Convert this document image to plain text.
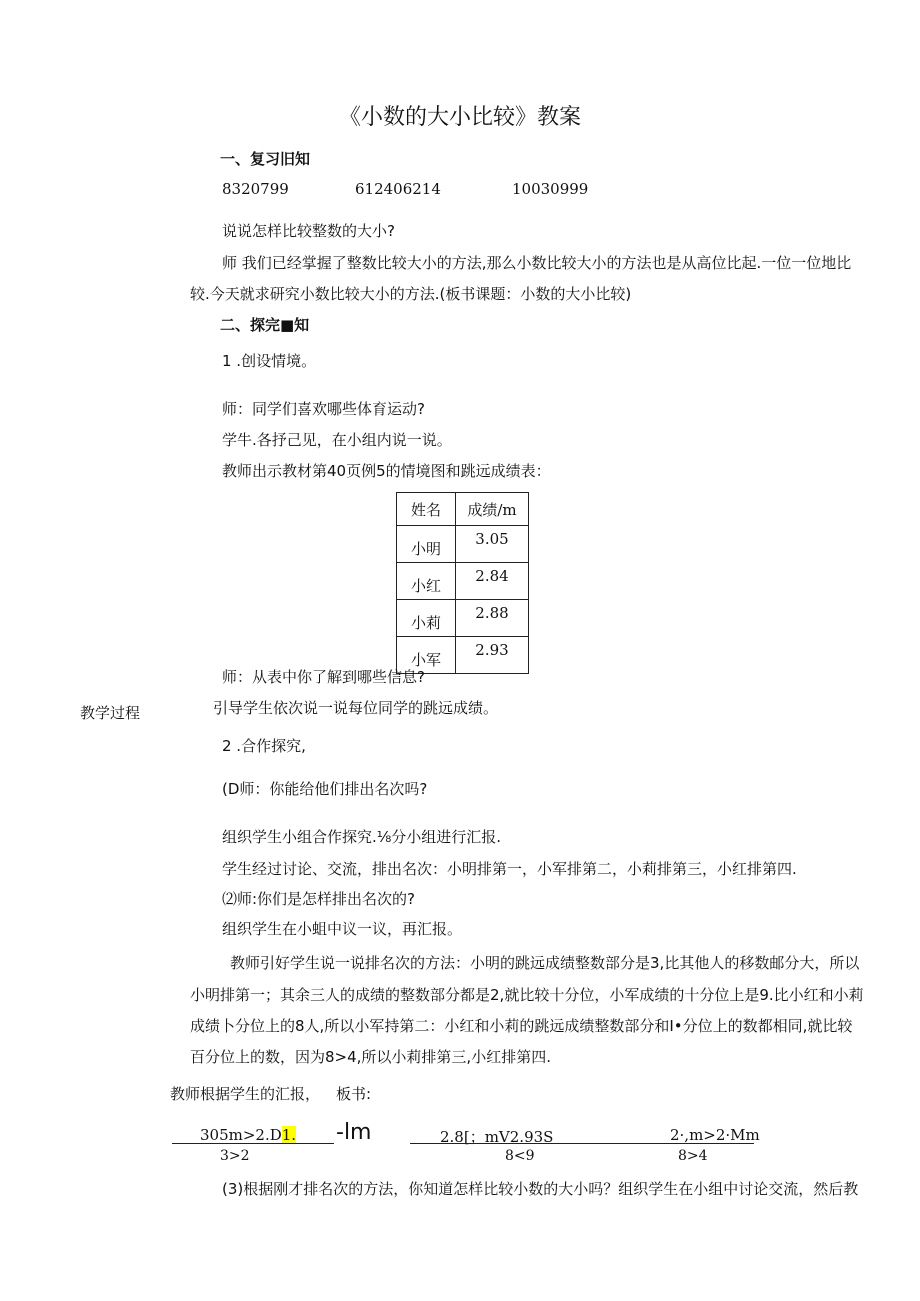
《小数的大小比较》教案
一、复习旧知
8320799	612406214	10030999
说说怎样比较整数的大小?
师 我们已经掌握了整数比较大小的方法,那么小数比较大小的方法也是从高位比起.一位一位地比
较.今天就求研究小数比较大小的方法.(板书课题：小数的大小比较)
二、探完■知
1 .创设情境。
师：同学们喜欢哪些体育运动?
学牛.各抒己见，在小组内说一说。
教师出示教材第40页例5的情境图和跳远成绩表：
姓名	成绩/m
小明	3.05
小红	2.84
小莉	2.88
小军	2.93
师：从表中你了解到哪些信息?
教学过程	引导学生依次说一说每位同学的跳远成绩。
2 .合作探究,
(D师：你能给他们排出名次吗?
组织学生小组合作探究.⅛分小组进行汇报.
学生经过讨论、交流，排出名次：小明排第一，小军排第二，小莉排第三，小红排第四.
⑵师:你们是怎样排出名次的?
组织学生在小蛆中议一议，再汇报。
教师引好学生说一说排名次的方法：小明的跳远成绩整数部分是3,比其他人的移数邮分大，所以
小明排第一；其余三人的成绩的整数部分都是2,就比较十分位，小军成绩的十分位上是9.比小红和小莉
成绩卜分位上的8人,所以小军持第二：小红和小莉的跳远成绩整数部分和I•分位上的数都相同,就比较
百分位上的数，因为8>4,所以小莉排第三,小红排第四.
教师根据学生的汇报， 板书:
305m>2.D1.
3>2
-lm	2.8[；mV2.93S
8<9
2·,m>2·Mm
8>4
(3)根据刚才排名次的方法，你知道怎样比较小数的大小吗？组织学生在小组中讨论交流，然后教
